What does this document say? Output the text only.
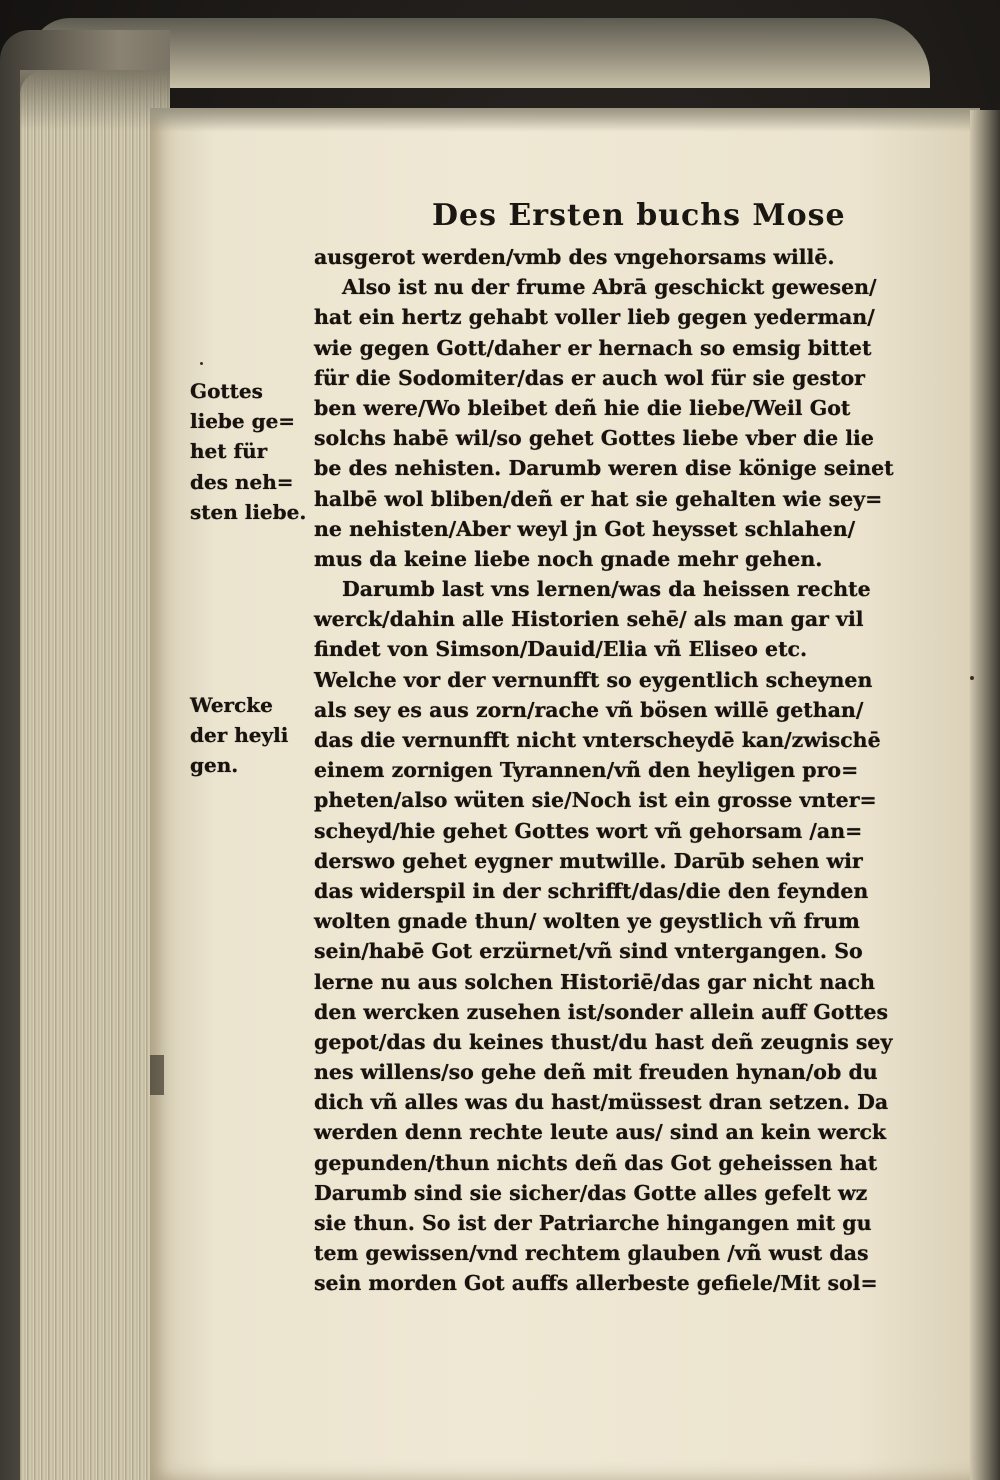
Des Ersten buchs Mose
ausgerot werden/vmb des vngehorsams willē.
Also ist nu der frume Abrā geschickt gewesen/
hat ein hertz gehabt voller lieb gegen yederman/
wie gegen Gott/daher er hernach so emsig bittet
für die Sodomiter/das er auch wol für sie gestor
ben were/Wo bleibet deñ hie die liebe/Weil Got
solchs habē wil/so gehet Gottes liebe vber die lie
be des nehisten. Darumb weren dise könige seinet
halbē wol bliben/deñ er hat sie gehalten wie sey=
ne nehisten/Aber weyl jn Got heysset schlahen/
mus da keine liebe noch gnade mehr gehen.
Darumb last vns lernen/was da heissen rechte
werck/dahin alle Historien sehē/ als man gar vil
findet von Simson/Dauid/Elia vñ Eliseo etc.
Welche vor der vernunfft so eygentlich scheynen
als sey es aus zorn/rache vñ bösen willē gethan/
das die vernunfft nicht vnterscheydē kan/zwischē
einem zornigen Tyrannen/vñ den heyligen pro=
pheten/also wüten sie/Noch ist ein grosse vnter=
scheyd/hie gehet Gottes wort vñ gehorsam /an=
derswo gehet eygner mutwille. Darūb sehen wir
das widerspil in der schrifft/das/die den feynden
wolten gnade thun/ wolten ye geystlich vñ frum
sein/habē Got erzürnet/vñ sind vntergangen. So
lerne nu aus solchen Historiē/das gar nicht nach
den wercken zusehen ist/sonder allein auff Gottes
gepot/das du keines thust/du hast deñ zeugnis sey
nes willens/so gehe deñ mit freuden hynan/ob du
dich vñ alles was du hast/müssest dran setzen. Da
werden denn rechte leute aus/ sind an kein werck
gepunden/thun nichts deñ das Got geheissen hat
Darumb sind sie sicher/das Gotte alles gefelt wz
sie thun. So ist der Patriarche hingangen mit gu
tem gewissen/vnd rechtem glauben /vñ wust das
sein morden Got auffs allerbeste gefiele/Mit sol=
Gottes
liebe ge=
het für
des neh=
sten liebe.
Wercke
der heyli
gen.
